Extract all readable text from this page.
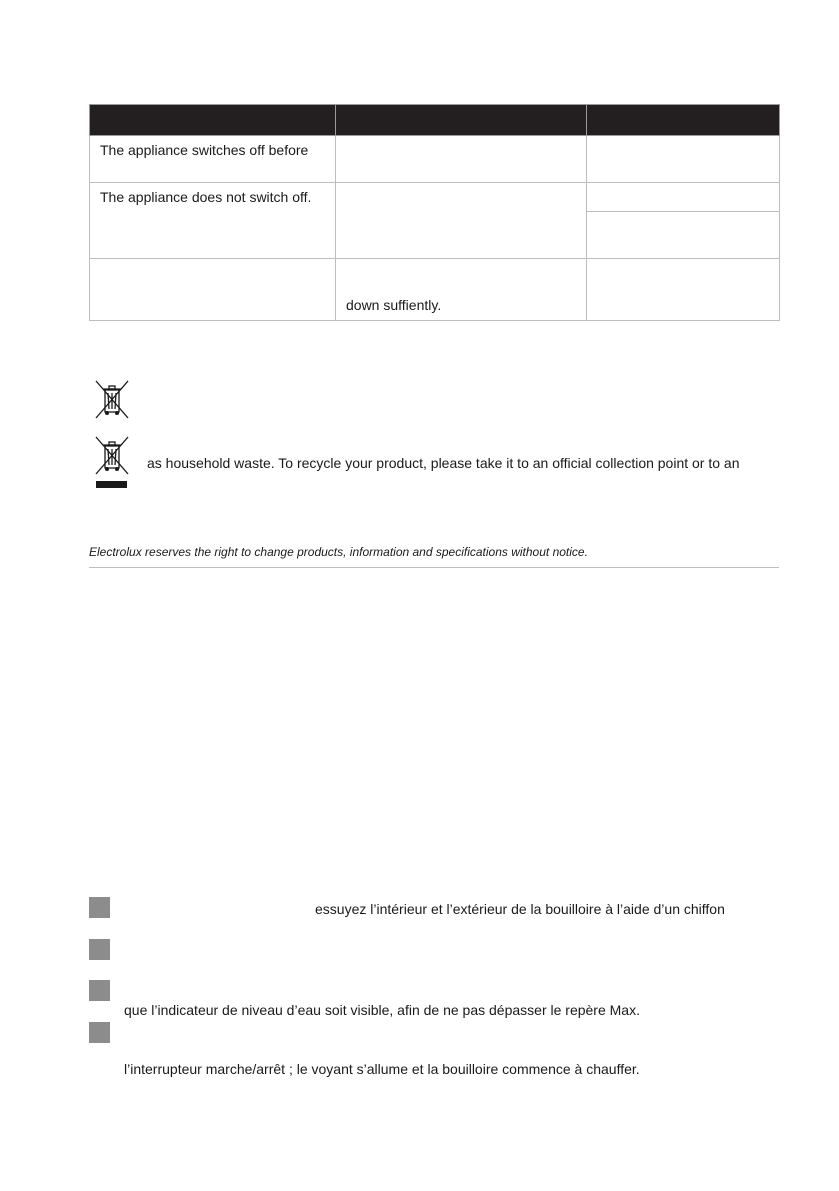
The appliance switches off before		
The appliance does not switch off.		

	down suffiently.	
as household waste. To recycle your product, please take it to an official collection point or to an
Electrolux reserves the right to change products, information and specifications without notice.
essuyez l’intérieur et l’extérieur de la bouilloire à l’aide d’un chiffon
que l’indicateur de niveau d’eau soit visible, afin de ne pas dépasser le repère Max.
l’interrupteur marche/arrêt ; le voyant s’allume et la bouilloire commence à chauffer.
